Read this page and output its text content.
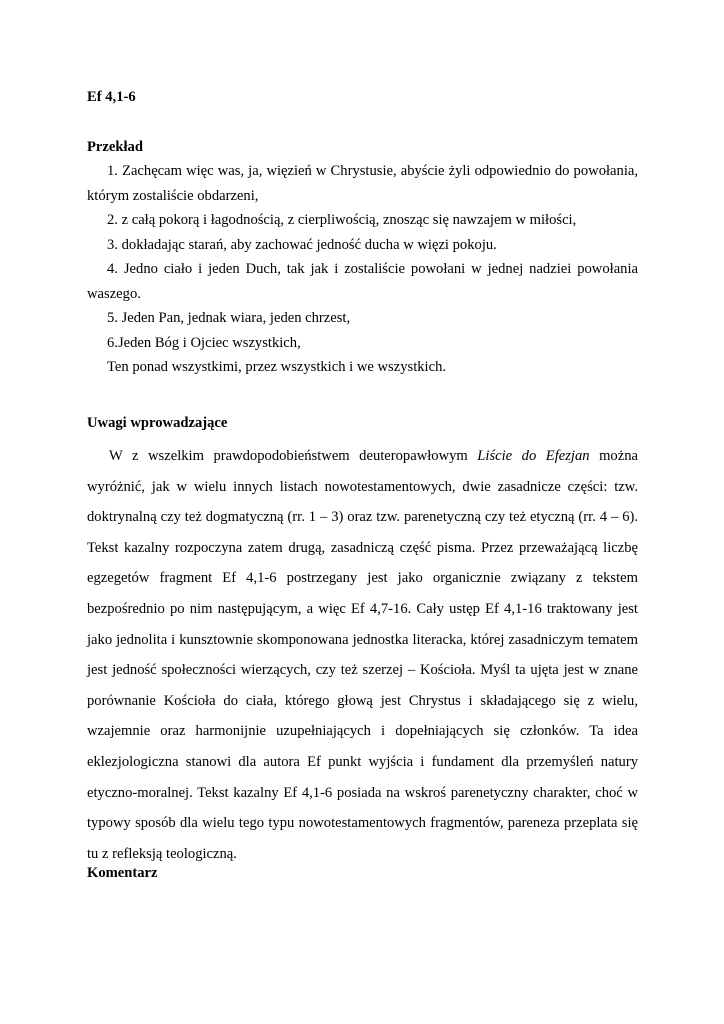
Ef 4,1-6
Przekład
1. Zachęcam więc was, ja, więzień w Chrystusie, abyście żyli odpowiednio do powołania,
którym zostaliście obdarzeni,
2. z całą pokorą i łagodnością, z cierpliwością, znosząc się nawzajem w miłości,
3. dokładając starań, aby zachować jedność ducha w więzi pokoju.
4. Jedno ciało i jeden Duch, tak jak i zostaliście powołani w jednej nadziei powołania
waszego.
5. Jeden Pan, jednak wiara, jeden chrzest,
6.Jeden Bóg i Ojciec wszystkich,
Ten ponad wszystkimi, przez wszystkich i we wszystkich.
Uwagi wprowadzające
W z wszelkim prawdopodobieństwem deuteropawłowym Liście do Efezjan można
wyróżnić, jak w wielu innych listach nowotestamentowych, dwie zasadnicze części: tzw.
doktrynalną czy też dogmatyczną (rr. 1 – 3) oraz tzw. parenetyczną czy też etyczną (rr. 4 – 6).
Tekst kazalny rozpoczyna zatem drugą, zasadniczą część pisma. Przez przeważającą liczbę
egzegetów fragment Ef 4,1-6 postrzegany jest jako organicznie związany z tekstem
bezpośrednio po nim następującym, a więc Ef 4,7-16. Cały ustęp Ef 4,1-16 traktowany jest
jako jednolita i kunsztownie skomponowana jednostka literacka, której zasadniczym tematem
jest jedność społeczności wierzących, czy też szerzej – Kościoła. Myśl ta ujęta jest w znane
porównanie Kościoła do ciała, którego głową jest Chrystus i składającego się z wielu,
wzajemnie oraz harmonijnie uzupełniających i dopełniających się członków. Ta idea
eklezjologiczna stanowi dla autora Ef punkt wyjścia i fundament dla przemyśleń natury
etyczno-moralnej. Tekst kazalny Ef 4,1-6 posiada na wskroś parenetyczny charakter, choć w
typowy sposób dla wielu tego typu nowotestamentowych fragmentów, pareneza przeplata się
tu z refleksją teologiczną.
Komentarz
